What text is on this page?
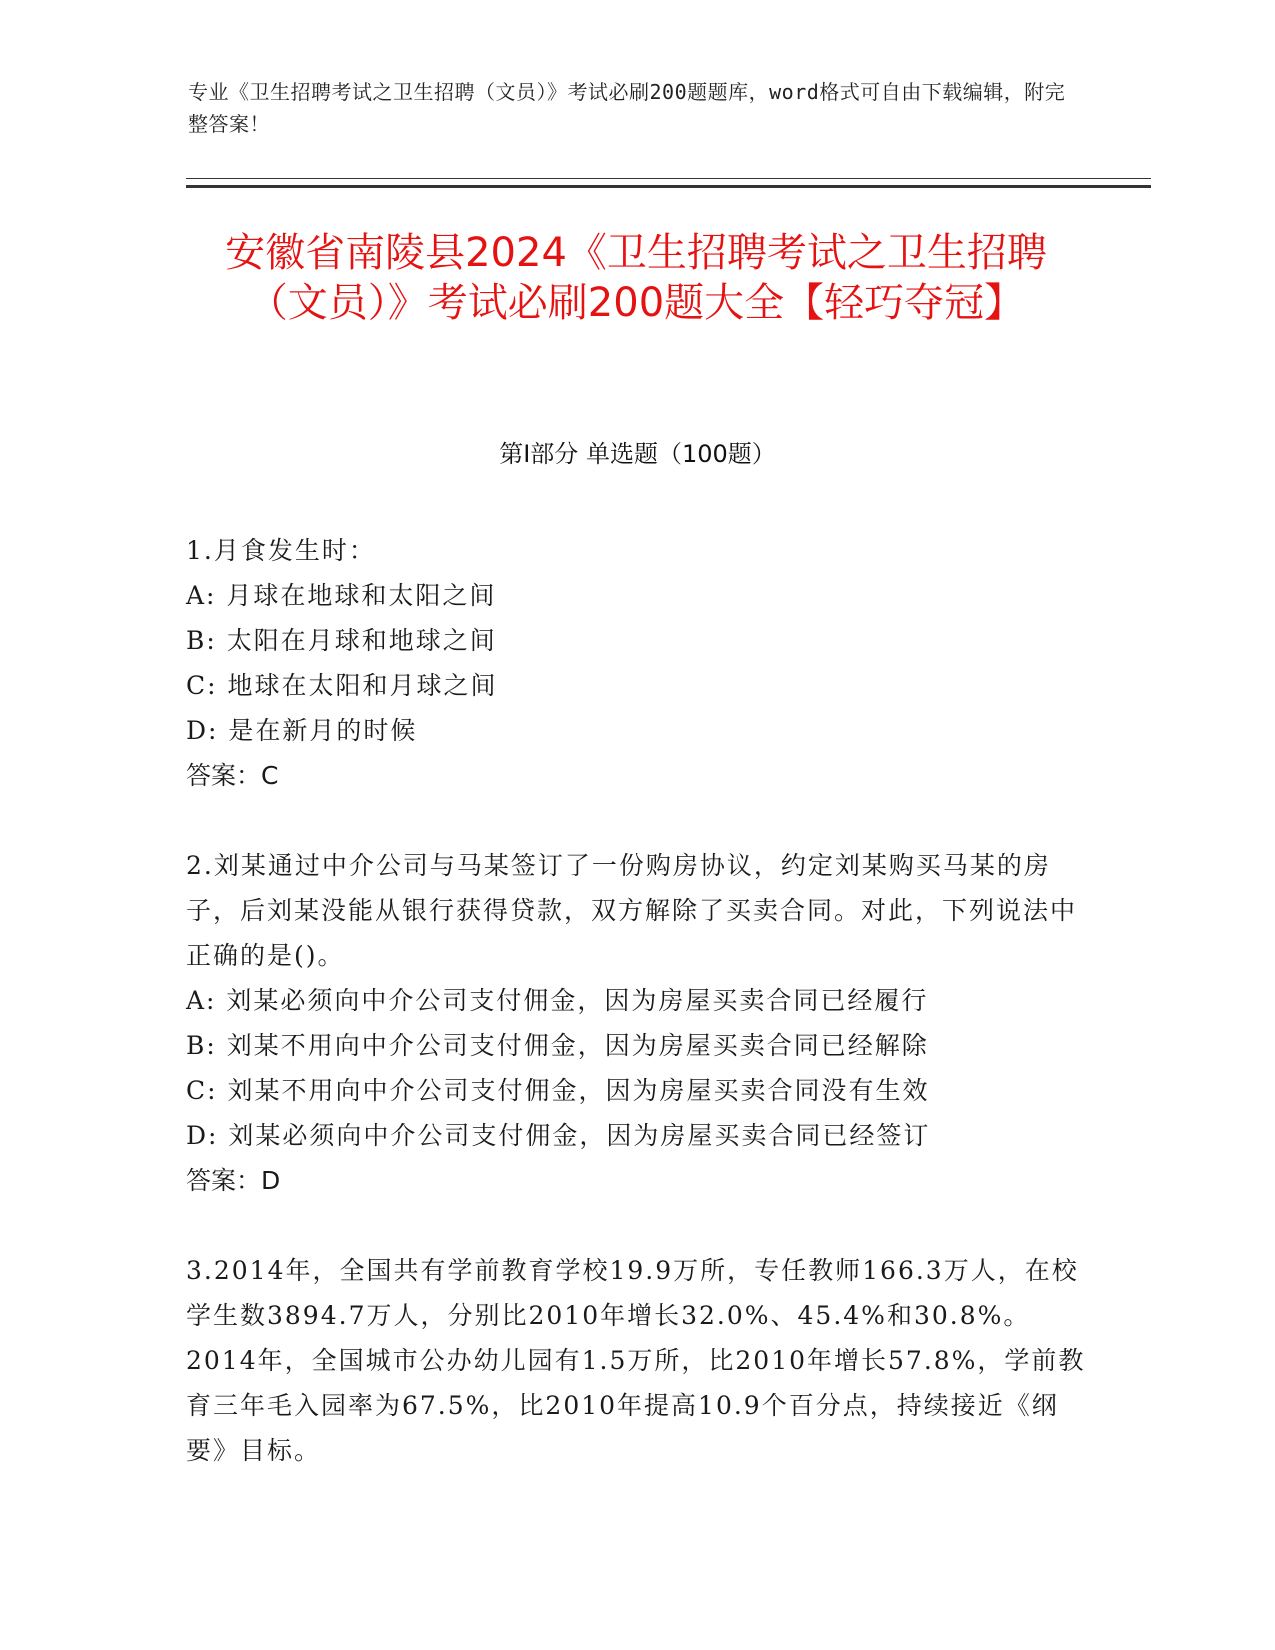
专业《卫生招聘考试之卫生招聘（文员）》考试必刷200题题库，word格式可自由下载编辑，附完整答案！
安徽省南陵县2024《卫生招聘考试之卫生招聘（文员）》考试必刷200题大全【轻巧夺冠】
第I部分 单选题（100题）

1.月食发生时：

A: 月球在地球和太阳之间

B: 太阳在月球和地球之间

C: 地球在太阳和月球之间

D: 是在新月的时候

答案：C

2.刘某通过中介公司与马某签订了一份购房协议，约定刘某购买马某的房子，后刘某没能从银行获得贷款，双方解除了买卖合同。对此，下列说法中正确的是()。

A: 刘某必须向中介公司支付佣金，因为房屋买卖合同已经履行

B: 刘某不用向中介公司支付佣金，因为房屋买卖合同已经解除

C: 刘某不用向中介公司支付佣金，因为房屋买卖合同没有生效

D: 刘某必须向中介公司支付佣金，因为房屋买卖合同已经签订

答案：D

3.2014年，全国共有学前教育学校19.9万所，专任教师166.3万人，在校学生数3894.7万人，分别比2010年增长32.0%、45.4%和30.8%。2014年，全国城市公办幼儿园有1.5万所，比2010年增长57.8%，学前教育三年毛入园率为67.5%，比2010年提高10.9个百分点，持续接近《纲要》目标。
